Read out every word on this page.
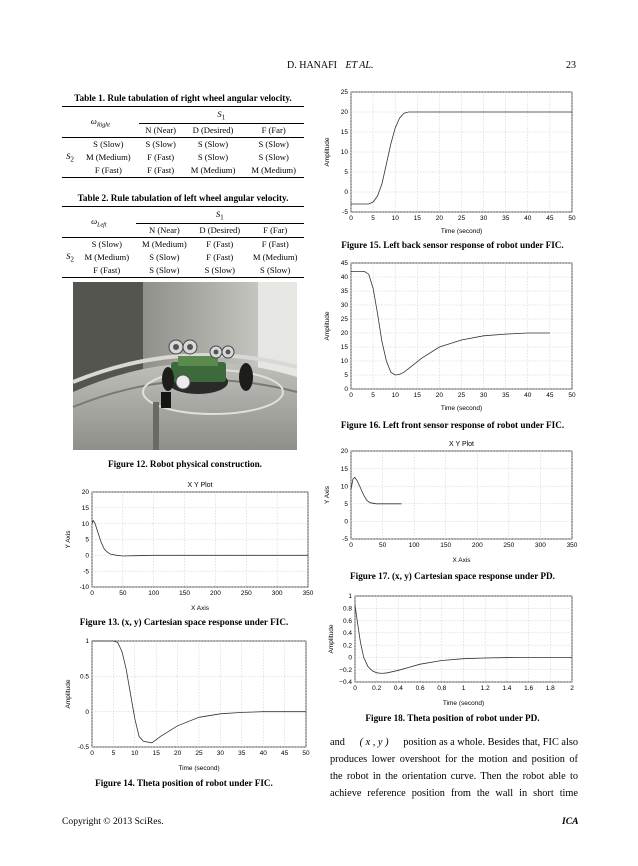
D. HANAFI ET AL.	23
Table 1. Rule tabulation of right wheel angular velocity.
$\omega_{Right}$		$S_1$
		N (Near)	D (Desired)	F (Far)
$S_2$	S (Slow)	S (Slow)	S (Slow)	S (Slow)
	M (Medium)	F (Fast)	S (Slow)	S (Slow)
	F (Fast)	F (Fast)	M (Medium)	M (Medium)
Table 2. Rule tabulation of left wheel angular velocity.
$\omega_{Left}$		$S_1$
		N (Near)	D (Desired)	F (Far)
$S_2$	S (Slow)	M (Medium)	F (Fast)	F (Fast)
	M (Medium)	S (Slow)	F (Fast)	M (Medium)
	F (Fast)	S (Slow)	S (Slow)	S (Slow)
Figure 12. Robot physical construction.
X Y Plot
0	50	100	150	200	250	300	350
-10
-5
0
5
10
15
20
X Axis
Y Axis
Figure 13. (x, y) Cartesian space response under FIC.
0	5 10 15 20 25 30 35 40 45 50
-0.5
0
0.5
1
Time (second)
Amplitude
Figure 14. Theta position of robot under FIC.
0	5	10 15 20 25 30 35 40 45 50
-5
0
5
10
15
20
25
Time (second)
Amplitude
Figure 15. Left back sensor response of robot under FIC.
0	5	10 15 20 25 30 35 40 45 50
0
5
10
15
20
25
30
35
40
45
Time (second)
Amplitude
Figure 16. Left front sensor response of robot under FIC.
X Y Plot
0	50	100	150	200	250	300	350
-5
0
5
10
15
20
X Axis
Y Axis
Figure 17. (x, y) Cartesian space response under PD.
0 0.2 0.4 0.6 0.8 1 1.2 1.4 1.6 1.8 2
−0.4
−0.2
0
0.2
0.4
0.6
0.8
1
Time (second)
Amplitude
Figure 18. Theta position of robot under PD.
and ( x , y ) position as a whole. Besides that, FIC also
produces lower overshoot for the motion and position of
the robot in the orientation curve. Then the robot able to
achieve reference position from the wall in short time
Copyright © 2013 SciRes.	ICA
